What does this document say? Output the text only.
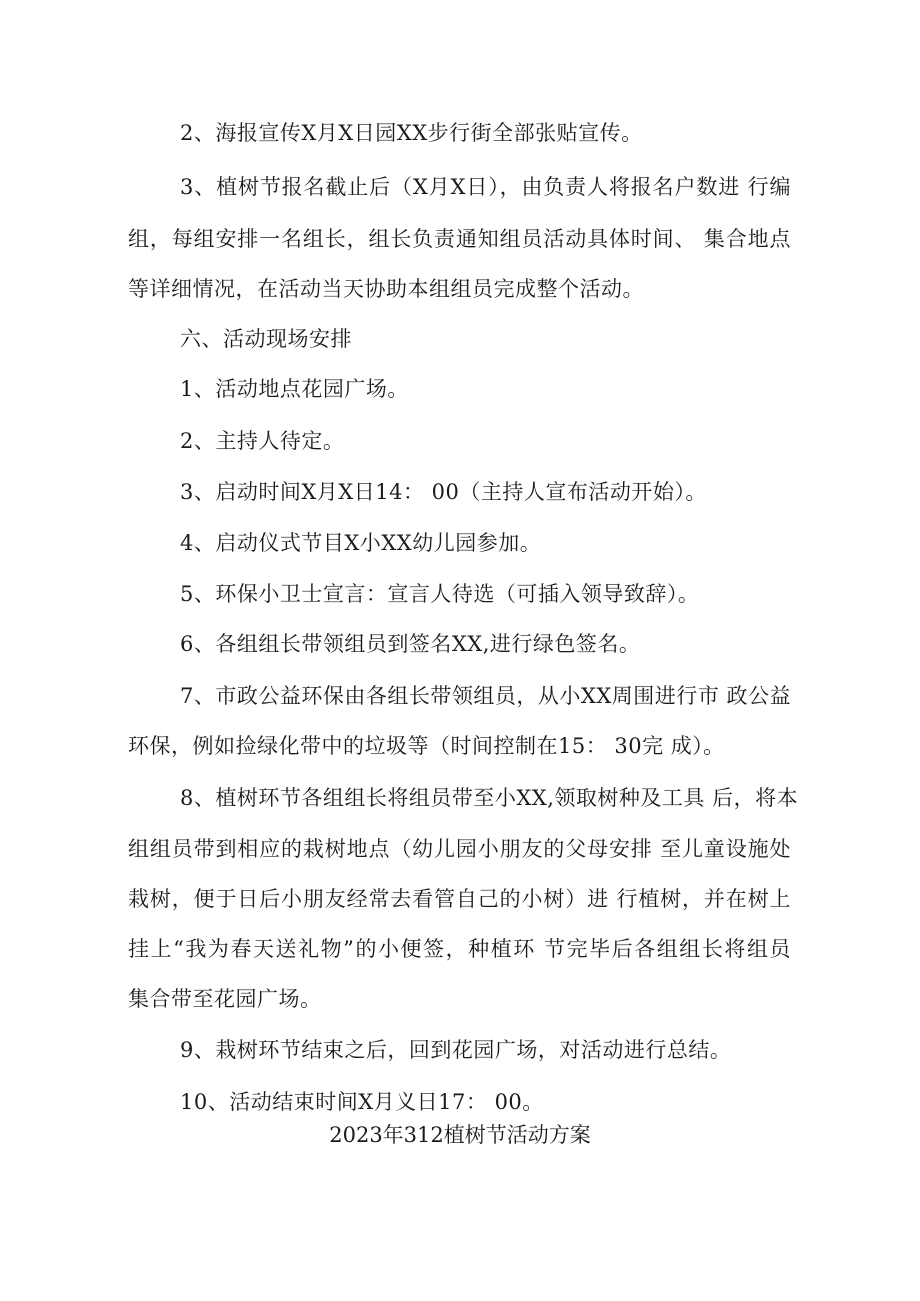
2、海报宣传X月X日园XX步行街全部张贴宣传。
3、植树节报名截止后（X月X日），由负责人将报名户数进 行编
组，每组安排一名组长，组长负责通知组员活动具体时间、 集合地点
等详细情况，在活动当天协助本组组员完成整个活动。
六、活动现场安排
1、活动地点花园广场。
2、主持人待定。
3、启动时间X月X日14： 00（主持人宣布活动开始）。
4、启动仪式节目X小XX幼儿园参加。
5、环保小卫士宣言：宣言人待选（可插入领导致辞）。
6、各组组长带领组员到签名XX,进行绿色签名。
7、市政公益环保由各组长带领组员，从小XX周围进行市 政公益
环保，例如捡绿化带中的垃圾等（时间控制在15： 30完 成）。
8、植树环节各组组长将组员带至小XX,领取树种及工具 后，将本
组组员带到相应的栽树地点（幼儿园小朋友的父母安排 至儿童设施处
栽树，便于日后小朋友经常去看管自己的小树）进 行植树，并在树上
挂上“我为春天送礼物”的小便签，种植环 节完毕后各组组长将组员
集合带至花园广场。
9、栽树环节结束之后，回到花园广场，对活动进行总结。
10、活动结束时间X月义日17： 00。
2023年312植树节活动方案
